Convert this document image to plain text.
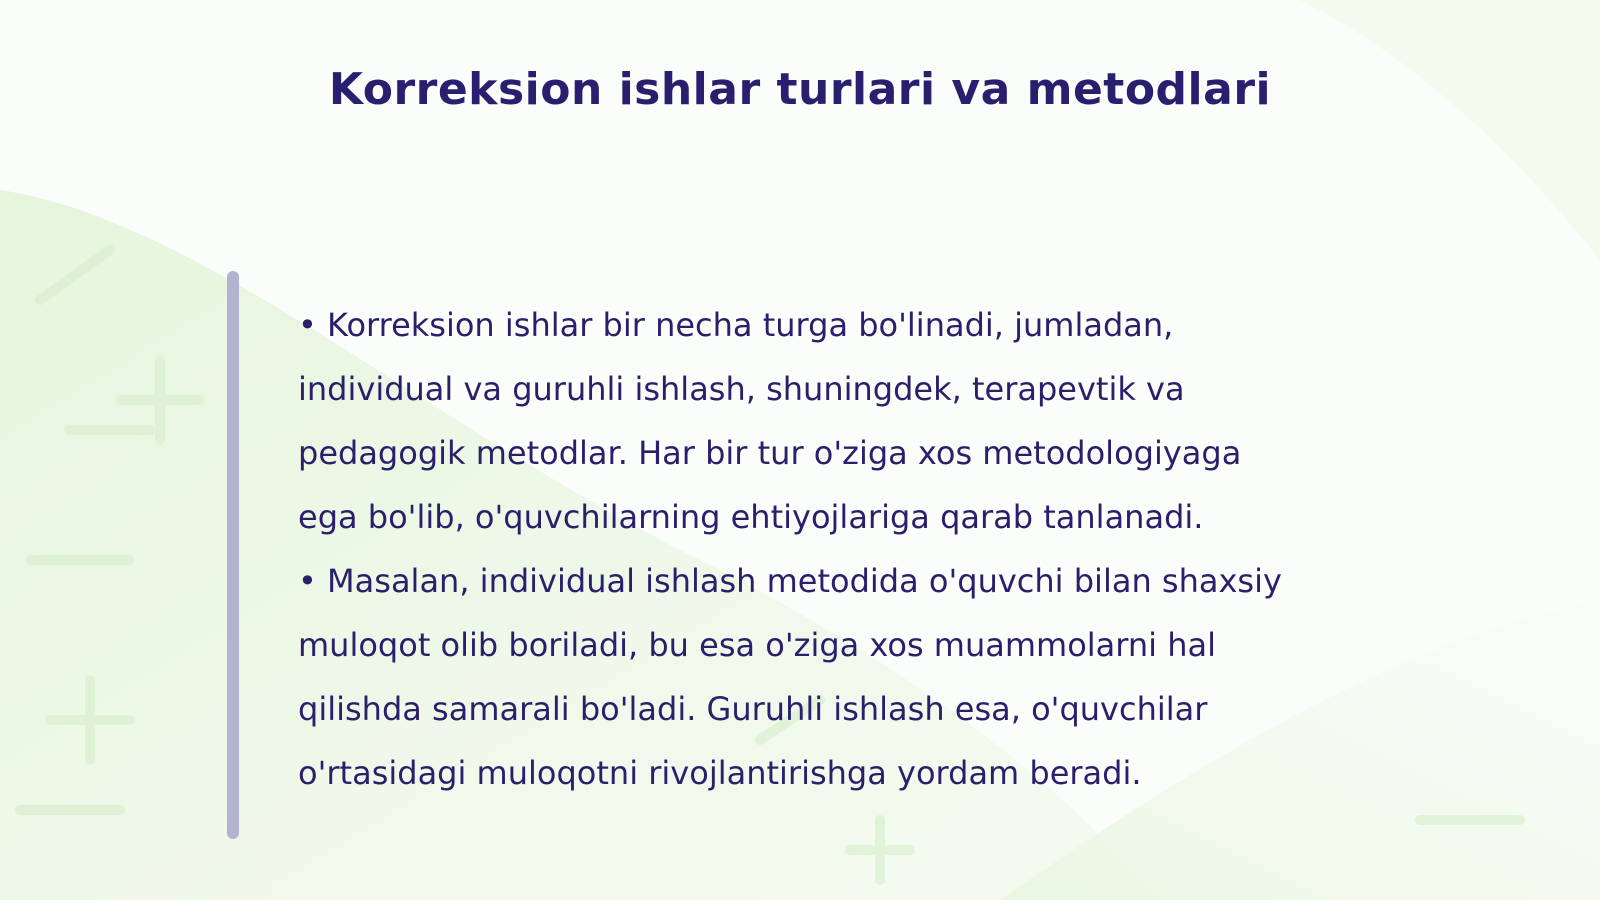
Korreksion ishlar turlari va metodlari
• Korreksion ishlar bir necha turga bo'linadi, jumladan, individual va guruhli ishlash, shuningdek, terapevtik va pedagogik metodlar. Har bir tur o'ziga xos metodologiyaga ega bo'lib, o'quvchilarning ehtiyojlariga qarab tanlanadi.
• Masalan, individual ishlash metodida o'quvchi bilan shaxsiy muloqot olib boriladi, bu esa o'ziga xos muammolarni hal qilishda samarali bo'ladi. Guruhli ishlash esa, o'quvchilar o'rtasidagi muloqotni rivojlantirishga yordam beradi.
